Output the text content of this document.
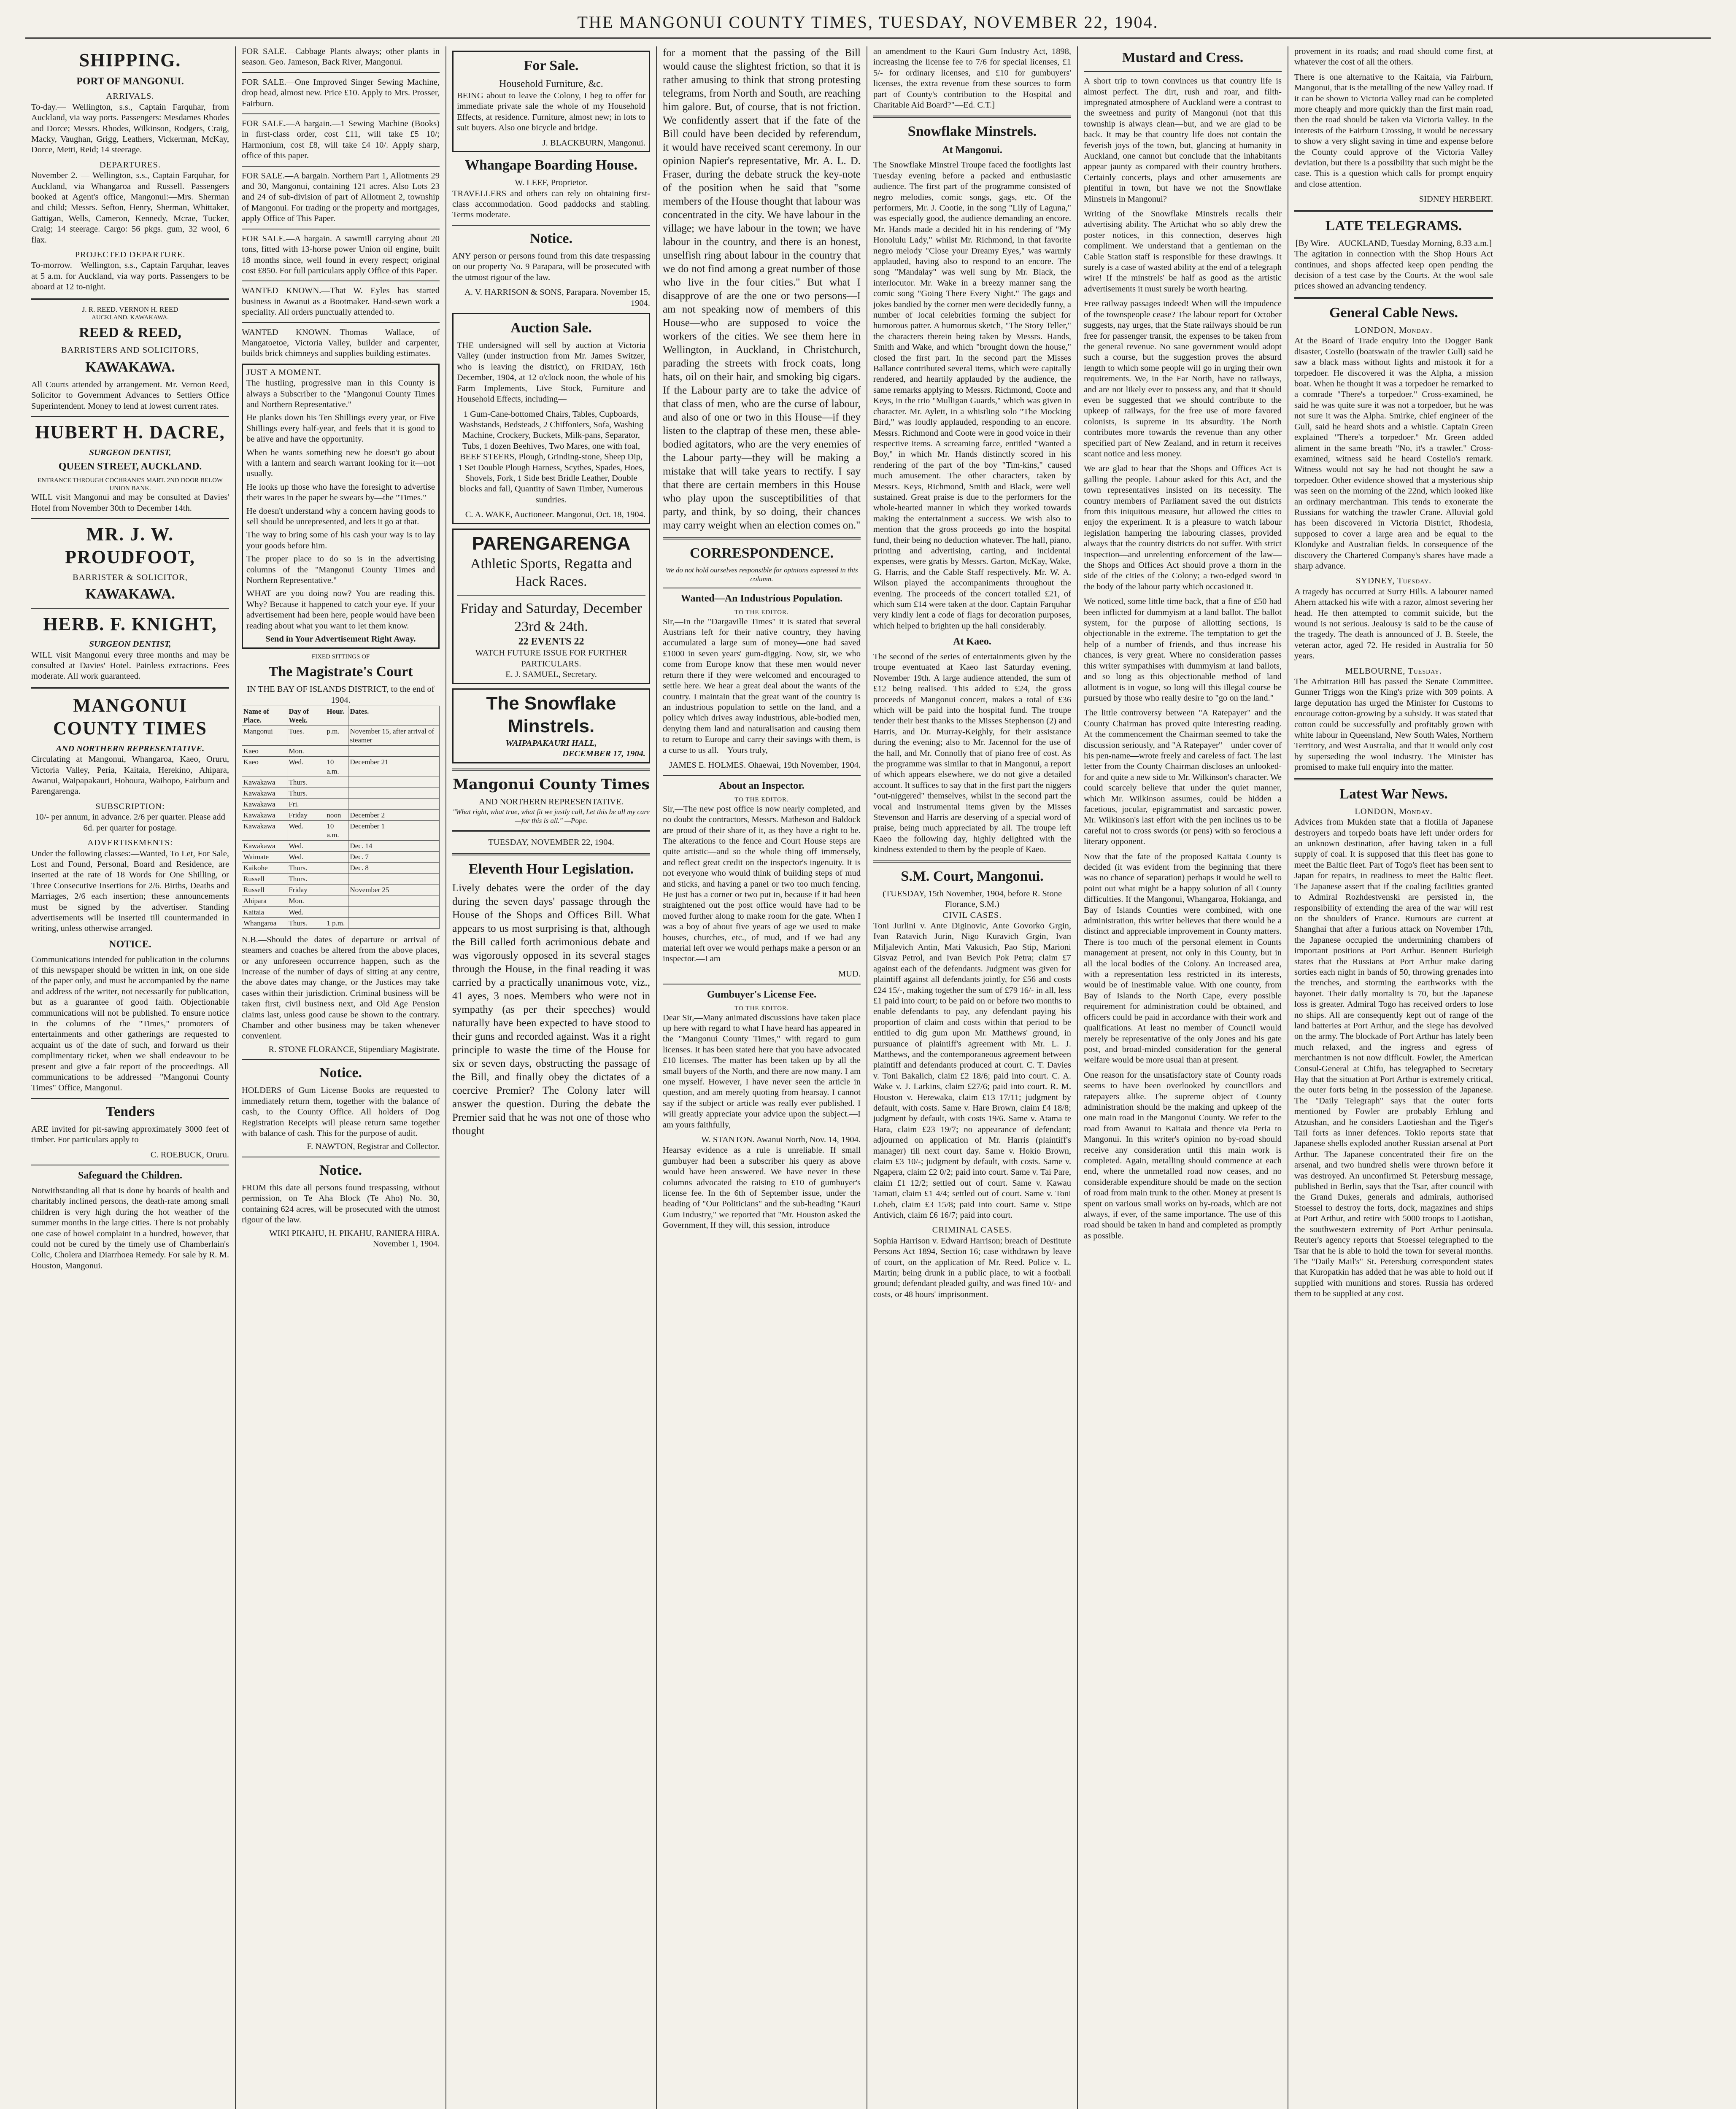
THE MANGONUI COUNTY TIMES, TUESDAY, NOVEMBER 22, 1904.
SHIPPING.
PORT OF MANGONUI.
ARRIVALS.

To-day.— Wellington, s.s., Captain Farquhar, from Auckland, via way ports. Passengers: Mesdames Rhodes and Dorce; Messrs. Rhodes, Wilkinson, Rodgers, Craig, Macky, Vaughan, Grigg, Leathers, Vickerman, McKay, Dorce, Metti, Reid; 14 steerage.

DEPARTURES.

November 2. — Wellington, s.s., Captain Farquhar, for Auckland, via Whangaroa and Russell. Passengers booked at Agent's office, Mangonui:—Mrs. Sherman and child; Messrs. Sefton, Henry, Sherman, Whittaker, Gattigan, Wells, Cameron, Kennedy, Mcrae, Tucker, Craig; 14 steerage. Cargo: 56 pkgs. gum, 32 wool, 6 flax.

PROJECTED DEPARTURE.

To-morrow.—Wellington, s.s., Captain Farquhar, leaves at 5 a.m. for Auckland, via way ports. Passengers to be aboard at 12 to-night.

J. R. REED. VERNON H. REED
AUCKLAND. KAWAKAWA.
REED & REED,
BARRISTERS AND SOLICITORS,
KAWAKAWA.

All Courts attended by arrangement. Mr. Vernon Reed, Solicitor to Government Advances to Settlers Office Superintendent. Money to lend at lowest current rates.

HUBERT H. DACRE,
SURGEON DENTIST,
QUEEN STREET, AUCKLAND.
ENTRANCE THROUGH COCHRANE'S MART. 2ND DOOR BELOW UNION BANK.

WILL visit Mangonui and may be consulted at Davies' Hotel from November 30th to December 14th.

MR. J. W. PROUDFOOT,
BARRISTER & SOLICITOR,
KAWAKAWA.
HERB. F. KNIGHT,
SURGEON DENTIST,

WILL visit Mangonui every three months and may be consulted at Davies' Hotel. Painless extractions. Fees moderate. All work guaranteed.

MANGONUI COUNTY TIMES
AND NORTHERN REPRESENTATIVE.

Circulating at Mangonui, Whangaroa, Kaeo, Oruru, Victoria Valley, Peria, Kaitaia, Herekino, Ahipara, Awanui, Waipapakauri, Hohoura, Waihopo, Fairburn and Parengarenga.

SUBSCRIPTION:

10/- per annum, in advance. 2/6 per quarter. Please add 6d. per quarter for postage.

ADVERTISEMENTS:

Under the following classes:—Wanted, To Let, For Sale, Lost and Found, Personal, Board and Residence, are inserted at the rate of 18 Words for One Shilling, or Three Consecutive Insertions for 2/6. Births, Deaths and Marriages, 2/6 each insertion; these announcements must be signed by the advertiser. Standing advertisements will be inserted till countermanded in writing, unless otherwise arranged.

NOTICE.

Communications intended for publication in the columns of this newspaper should be written in ink, on one side of the paper only, and must be accompanied by the name and address of the writer, not necessarily for publication, but as a guarantee of good faith. Objectionable communications will not be published. To ensure notice in the columns of the "Times," promoters of entertainments and other gatherings are requested to acquaint us of the date of such, and forward us their complimentary ticket, when we shall endeavour to be present and give a fair report of the proceedings. All communications to be addressed—"Mangonui County Times" Office, Mangonui.

Tenders

ARE invited for pit-sawing approximately 3000 feet of timber. For particulars apply to

C. ROEBUCK, Oruru.
Safeguard the Children.

Notwithstanding all that is done by boards of health and charitably inclined persons, the death-rate among small children is very high during the hot weather of the summer months in the large cities. There is not probably one case of bowel complaint in a hundred, however, that could not be cured by the timely use of Chamberlain's Colic, Cholera and Diarrhoea Remedy. For sale by R. M. Houston, Mangonui.

FOR SALE.—Cabbage Plants always; other plants in season. Geo. Jameson, Back River, Mangonui.

FOR SALE.—One Improved Singer Sewing Machine, drop head, almost new. Price £10. Apply to Mrs. Prosser, Fairburn.

FOR SALE.—A bargain.—1 Sewing Machine (Books) in first-class order, cost £11, will take £5 10/; Harmonium, cost £8, will take £4 10/. Apply sharp, office of this paper.

FOR SALE.—A bargain. Northern Part 1, Allotments 29 and 30, Mangonui, containing 121 acres. Also Lots 23 and 24 of sub-division of part of Allotment 2, township of Mangonui. For trading or the property and mortgages, apply Office of This Paper.

FOR SALE.—A bargain. A sawmill carrying about 20 tons, fitted with 13-horse power Union oil engine, built 18 months since, well found in every respect; original cost £850. For full particulars apply Office of this Paper.

WANTED KNOWN.—That W. Eyles has started business in Awanui as a Bootmaker. Hand-sewn work a speciality. All orders punctually attended to.

WANTED KNOWN.—Thomas Wallace, of Mangatoetoe, Victoria Valley, builder and carpenter, builds brick chimneys and supplies building estimates.

JUST A MOMENT.

The hustling, progressive man in this County is always a Subscriber to the "Mangonui County Times and Northern Representative."

He planks down his Ten Shillings every year, or Five Shillings every half-year, and feels that it is good to be alive and have the opportunity.

When he wants something new he doesn't go about with a lantern and search warrant looking for it—not usually.

He looks up those who have the foresight to advertise their wares in the paper he swears by—the "Times."

He doesn't understand why a concern having goods to sell should be unrepresented, and lets it go at that.

The way to bring some of his cash your way is to lay your goods before him.

The proper place to do so is in the advertising columns of the "Mangonui County Times and Northern Representative."

WHAT are you doing now? You are reading this. Why? Because it happened to catch your eye. If your advertisement had been here, people would have been reading about what you want to let them know.

Send in Your Advertisement Right Away.
FIXED SITTINGS OF
The Magistrate's Court
IN THE BAY OF ISLANDS DISTRICT, to the end of 1904.
Name of Place.	Day of Week.	Hour.	Dates.
Mangonui	Tues.	p.m.	November 15, after arrival of steamer
Kaeo	Mon.		
Kaeo	Wed.	10 a.m.	December 21
Kawakawa	Thurs.		
Kawakawa	Thurs.		
Kawakawa	Fri.		
Kawakawa	Friday	noon	December 2
Kawakawa	Wed.	10 a.m.	December 1
Kawakawa	Wed.		Dec. 14
Waimate	Wed.		Dec. 7
Kaikohe	Thurs.		Dec. 8
Russell	Thurs.		
Russell	Friday		November 25
Ahipara	Mon.		
Kaitaia	Wed.		
Whangaroa	Thurs.	1 p.m.	

N.B.—Should the dates of departure or arrival of steamers and coaches be altered from the above places, or any unforeseen occurrence happen, such as the increase of the number of days of sitting at any centre, the above dates may change, or the Justices may take cases within their jurisdiction. Criminal business will be taken first, civil business next, and Old Age Pension claims last, unless good cause be shown to the contrary. Chamber and other business may be taken whenever convenient.

R. STONE FLORANCE, Stipendiary Magistrate.
Notice.

HOLDERS of Gum License Books are requested to immediately return them, together with the balance of cash, to the County Office. All holders of Dog Registration Receipts will please return same together with balance of cash. This for the purpose of audit.

F. NAWTON, Registrar and Collector.
Notice.

FROM this date all persons found trespassing, without permission, on Te Aha Block (Te Aho) No. 30, containing 624 acres, will be prosecuted with the utmost rigour of the law.

WIKI PIKAHU, H. PIKAHU, RANIERA HIRA. November 1, 1904.
For Sale.
Household Furniture, &c.

BEING about to leave the Colony, I beg to offer for immediate private sale the whole of my Household Effects, at residence. Furniture, almost new; in lots to suit buyers. Also one bicycle and bridge.

J. BLACKBURN, Mangonui.
Whangape Boarding House.
W. LEEF, Proprietor.

TRAVELLERS and others can rely on obtaining first-class accommodation. Good paddocks and stabling. Terms moderate.

Notice.

ANY person or persons found from this date trespassing on our property No. 9 Parapara, will be prosecuted with the utmost rigour of the law.

A. V. HARRISON & SONS, Parapara. November 15, 1904.
Auction Sale.

THE undersigned will sell by auction at Victoria Valley (under instruction from Mr. James Switzer, who is leaving the district), on FRIDAY, 16th December, 1904, at 12 o'clock noon, the whole of his Farm Implements, Live Stock, Furniture and Household Effects, including—

1 Gum-Cane-bottomed Chairs, Tables, Cupboards, Washstands, Bedsteads, 2 Chiffoniers, Sofa, Washing Machine, Crockery, Buckets, Milk-pans, Separator, Tubs, 1 dozen Beehives, Two Mares, one with foal, BEEF STEERS, Plough, Grinding-stone, Sheep Dip, 1 Set Double Plough Harness, Scythes, Spades, Hoes, Shovels, Fork, 1 Side best Bridle Leather, Double blocks and fall, Quantity of Sawn Timber, Numerous sundries.

C. A. WAKE, Auctioneer. Mangonui, Oct. 18, 1904.
PARENGARENGA
Athletic Sports, Regatta and Hack Races.
Friday and Saturday, December 23rd & 24th.
22 EVENTS 22
WATCH FUTURE ISSUE FOR FURTHER PARTICULARS.
E. J. SAMUEL, Secretary.
The Snowflake Minstrels.
WAIPAPAKAURI HALL,
DECEMBER 17, 1904.
Mangonui County Times
AND NORTHERN REPRESENTATIVE.

"What right, what true, what fit we justly call, Let this be all my care—for this is all." —Pope.

TUESDAY, NOVEMBER 22, 1904.
Eleventh Hour Legislation.

Lively debates were the order of the day during the seven days' passage through the House of the Shops and Offices Bill. What appears to us most surprising is that, although the Bill called forth acrimonious debate and was vigorously opposed in its several stages through the House, in the final reading it was carried by a practically unanimous vote, viz., 41 ayes, 3 noes. Members who were not in sympathy (as per their speeches) would naturally have been expected to have stood to their guns and recorded against. Was it a right principle to waste the time of the House for six or seven days, obstructing the passage of the Bill, and finally obey the dictates of a coercive Premier? The Colony later will answer the question. During the debate the Premier said that he was not one of those who thought

for a moment that the passing of the Bill would cause the slightest friction, so that it is rather amusing to think that strong protesting telegrams, from North and South, are reaching him galore. But, of course, that is not friction. We confidently assert that if the fate of the Bill could have been decided by referendum, it would have received scant ceremony. In our opinion Napier's representative, Mr. A. L. D. Fraser, during the debate struck the key-note of the position when he said that "some members of the House thought that labour was concentrated in the city. We have labour in the village; we have labour in the town; we have labour in the country, and there is an honest, unselfish ring about labour in the country that we do not find among a great number of those who live in the four cities." But what I disapprove of are the one or two persons—I am not speaking now of members of this House—who are supposed to voice the workers of the cities. We see them here in Wellington, in Auckland, in Christchurch, parading the streets with frock coats, long hats, oil on their hair, and smoking big cigars. If the Labour party are to take the advice of that class of men, who are the curse of labour, and also of one or two in this House—if they listen to the claptrap of these men, these able-bodied agitators, who are the very enemies of the Labour party—they will be making a mistake that will take years to rectify. I say that there are certain members in this House who play upon the susceptibilities of that party, and think, by so doing, their chances may carry weight when an election comes on."

CORRESPONDENCE.
We do not hold ourselves responsible for opinions expressed in this column.
Wanted—An Industrious Population.
TO THE EDITOR.

Sir,—In the "Dargaville Times" it is stated that several Austrians left for their native country, they having accumulated a large sum of money—one had saved £1000 in seven years' gum-digging. Now, sir, we who come from Europe know that these men would never return there if they were welcomed and encouraged to settle here. We hear a great deal about the wants of the country. I maintain that the great want of the country is an industrious population to settle on the land, and a policy which drives away industrious, able-bodied men, denying them land and naturalisation and causing them to return to Europe and carry their savings with them, is a curse to us all.—Yours truly,

JAMES E. HOLMES. Ohaewai, 19th November, 1904.
About an Inspector.
TO THE EDITOR.

Sir,—The new post office is now nearly completed, and no doubt the contractors, Messrs. Matheson and Baldock are proud of their share of it, as they have a right to be. The alterations to the fence and Court House steps are quite artistic—and so the whole thing off immensely, and reflect great credit on the inspector's ingenuity. It is not everyone who would think of building steps of mud and sticks, and having a panel or two too much fencing. He just has a corner or two put in, because if it had been straightened out the post office would have had to be moved further along to make room for the gate. When I was a boy of about five years of age we used to make houses, churches, etc., of mud, and if we had any material left over we would perhaps make a person or an inspector.—I am

MUD.
Gumbuyer's License Fee.
TO THE EDITOR.

Dear Sir,—Many animated discussions have taken place up here with regard to what I have heard has appeared in the "Mangonui County Times," with regard to gum licenses. It has been stated here that you have advocated £10 licenses. The matter has been taken up by all the small buyers of the North, and there are now many. I am one myself. However, I have never seen the article in question, and am merely quoting from hearsay. I cannot say if the subject or article was really ever published. I will greatly appreciate your advice upon the subject.—I am yours faithfully,

W. STANTON. Awanui North, Nov. 14, 1904.

Hearsay evidence as a rule is unreliable. If small gumbuyer had been a subscriber his query as above would have been answered. We have never in these columns advocated the raising to £10 of gumbuyer's license fee. In the 6th of September issue, under the heading of "Our Politicians" and the sub-heading "Kauri Gum Industry," we reported that "Mr. Houston asked the Government, If they will, this session, introduce

an amendment to the Kauri Gum Industry Act, 1898, increasing the license fee to 7/6 for special licenses, £1 5/- for ordinary licenses, and £10 for gumbuyers' licenses, the extra revenue from these sources to form part of County's contribution to the Hospital and Charitable Aid Board?"—Ed. C.T.]

Snowflake Minstrels.
At Mangonui.

The Snowflake Minstrel Troupe faced the footlights last Tuesday evening before a packed and enthusiastic audience. The first part of the programme consisted of negro melodies, comic songs, gags, etc. Of the performers, Mr. J. Cootie, in the song "Lily of Laguna," was especially good, the audience demanding an encore. Mr. Hands made a decided hit in his rendering of "My Honolulu Lady," whilst Mr. Richmond, in that favorite negro melody "Close your Dreamy Eyes," was warmly applauded, having also to respond to an encore. The song "Mandalay" was well sung by Mr. Black, the interlocutor. Mr. Wake in a breezy manner sang the comic song "Going There Every Night." The gags and jokes bandied by the corner men were decidedly funny, a number of local celebrities forming the subject for humorous patter. A humorous sketch, "The Story Teller," the characters therein being taken by Messrs. Hands, Smith and Wake, and which "brought down the house," closed the first part. In the second part the Misses Ballance contributed several items, which were capitally rendered, and heartily applauded by the audience, the same remarks applying to Messrs. Richmond, Coote and Keys, in the trio "Mulligan Guards," which was given in character. Mr. Aylett, in a whistling solo "The Mocking Bird," was loudly applauded, responding to an encore. Messrs. Richmond and Coote were in good voice in their respective items. A screaming farce, entitled "Wanted a Boy," in which Mr. Hands distinctly scored in his rendering of the part of the boy "Tim-kins," caused much amusement. The other characters, taken by Messrs. Keys, Richmond, Smith and Black, were well sustained. Great praise is due to the performers for the whole-hearted manner in which they worked towards making the entertainment a success. We wish also to mention that the gross proceeds go into the hospital fund, their being no deduction whatever. The hall, piano, printing and advertising, carting, and incidental expenses, were gratis by Messrs. Garton, McKay, Wake, G. Harris, and the Cable Staff respectively. Mr. W. A. Wilson played the accompaniments throughout the evening. The proceeds of the concert totalled £21, of which sum £14 were taken at the door. Captain Farquhar very kindly lent a code of flags for decoration purposes, which helped to brighten up the hall considerably.

At Kaeo.

The second of the series of entertainments given by the troupe eventuated at Kaeo last Saturday evening, November 19th. A large audience attended, the sum of £12 being realised. This added to £24, the gross proceeds of Mangonui concert, makes a total of £36 which will be paid into the hospital fund. The troupe tender their best thanks to the Misses Stephenson (2) and Harris, and Dr. Murray-Keighly, for their assistance during the evening; also to Mr. Jacennol for the use of the hall, and Mr. Connolly that of piano free of cost. As the programme was similar to that in Mangonui, a report of which appears elsewhere, we do not give a detailed account. It suffices to say that in the first part the niggers "out-niggered" themselves, whilst in the second part the vocal and instrumental items given by the Misses Stevenson and Harris are deserving of a special word of praise, being much appreciated by all. The troupe left Kaeo the following day, highly delighted with the kindness extended to them by the people of Kaeo.

S.M. Court, Mangonui.
(TUESDAY, 15th November, 1904, before R. Stone Florance, S.M.)
CIVIL CASES.

Toni Jurlini v. Ante Diginovic, Ante Govorko Grgin, Ivan Ratavich Jurin, Nigo Kuravich Grgin, Ivan Miljalevich Antin, Mati Vakusich, Pao Stip, Marioni Gisvaz Petrol, and Ivan Bevich Pok Petra; claim £7 against each of the defendants. Judgment was given for plaintiff against all defendants jointly, for £56 and costs £24 15/-, making together the sum of £79 16/- in all, less £1 paid into court; to be paid on or before two months to enable defendants to pay, any defendant paying his proportion of claim and costs within that period to be entitled to dig gum upon Mr. Matthews' ground, in pursuance of plaintiff's agreement with Mr. L. J. Matthews, and the contemporaneous agreement between plaintiff and defendants produced at court. C. T. Davies v. Toni Bakalich, claim £2 18/6; paid into court. C. A. Wake v. J. Larkins, claim £27/6; paid into court. R. M. Houston v. Herewaka, claim £13 17/11; judgment by default, with costs. Same v. Hare Brown, claim £4 18/8; judgment by default, with costs 19/6. Same v. Atama te Hara, claim £23 19/7; no appearance of defendant; adjourned on application of Mr. Harris (plaintiff's manager) till next court day. Same v. Hokio Brown, claim £3 10/-; judgment by default, with costs. Same v. Ngapera, claim £2 0/2; paid into court. Same v. Tai Pare, claim £1 12/2; settled out of court. Same v. Kawau Tamati, claim £1 4/4; settled out of court. Same v. Toni Loheb, claim £3 15/8; paid into court. Same v. Stipe Antivich, claim £6 16/7; paid into court.

CRIMINAL CASES.

Sophia Harrison v. Edward Harrison; breach of Destitute Persons Act 1894, Section 16; case withdrawn by leave of court, on the application of Mr. Reed. Police v. L. Martin; being drunk in a public place, to wit a football ground; defendant pleaded guilty, and was fined 10/- and costs, or 48 hours' imprisonment.

Mustard and Cress.

A short trip to town convinces us that country life is almost perfect. The dirt, rush and roar, and filth-impregnated atmosphere of Auckland were a contrast to the sweetness and purity of Mangonui (not that this township is always clean—but, and we are glad to be back. It may be that country life does not contain the feverish joys of the town, but, glancing at humanity in Auckland, one cannot but conclude that the inhabitants appear jaunty as compared with their country brothers. Certainly concerts, plays and other amusements are plentiful in town, but have we not the Snowflake Minstrels in Mangonui?

Writing of the Snowflake Minstrels recalls their advertising ability. The Artichat who so ably drew the poster notices, in this connection, deserves high compliment. We understand that a gentleman on the Cable Station staff is responsible for these drawings. It surely is a case of wasted ability at the end of a telegraph wire! If the minstrels' be half as good as the artistic advertisements it must surely be worth hearing.

Free railway passages indeed! When will the impudence of the townspeople cease? The labour report for October suggests, nay urges, that the State railways should be run free for passenger transit, the expenses to be taken from the general revenue. No sane government would adopt such a course, but the suggestion proves the absurd length to which some people will go in urging their own requirements. We, in the Far North, have no railways, and are not likely ever to possess any, and that it should even be suggested that we should contribute to the upkeep of railways, for the free use of more favored colonists, is supreme in its absurdity. The North contributes more towards the revenue than any other specified part of New Zealand, and in return it receives scant notice and less money.

We are glad to hear that the Shops and Offices Act is galling the people. Labour asked for this Act, and the town representatives insisted on its necessity. The country members of Parliament saved the out districts from this iniquitous measure, but allowed the cities to enjoy the experiment. It is a pleasure to watch labour legislation hampering the labouring classes, provided always that the country districts do not suffer. With strict inspection—and unrelenting enforcement of the law—the Shops and Offices Act should prove a thorn in the side of the cities of the Colony; a two-edged sword in the body of the labour party which occasioned it.

We noticed, some little time back, that a fine of £50 had been inflicted for dummyism at a land ballot. The ballot system, for the purpose of allotting sections, is objectionable in the extreme. The temptation to get the help of a number of friends, and thus increase his chances, is very great. Where no consideration passes this writer sympathises with dummyism at land ballots, and so long as this objectionable method of land allotment is in vogue, so long will this illegal course be pursued by those who really desire to "go on the land."

The little controversy between "A Ratepayer" and the County Chairman has proved quite interesting reading. At the commencement the Chairman seemed to take the discussion seriously, and "A Ratepayer"—under cover of his pen-name—wrote freely and careless of fact. The last letter from the County Chairman discloses an unlooked-for and quite a new side to Mr. Wilkinson's character. We could scarcely believe that under the quiet manner, which Mr. Wilkinson assumes, could be hidden a facetious, jocular, epigrammatist and sarcastic power. Mr. Wilkinson's last effort with the pen inclines us to be careful not to cross swords (or pens) with so ferocious a literary opponent.

Now that the fate of the proposed Kaitaia County is decided (it was evident from the beginning that there was no chance of separation) perhaps it would be well to point out what might be a happy solution of all County difficulties. If the Mangonui, Whangaroa, Hokianga, and Bay of Islands Counties were combined, with one administration, this writer believes that there would be a distinct and appreciable improvement in County matters. There is too much of the personal element in Counts management at present, not only in this County, but in all the local bodies of the Colony. An increased area, with a representation less restricted in its interests, would be of inestimable value. With one county, from Bay of Islands to the North Cape, every possible requirement for administration could be obtained, and officers could be paid in accordance with their work and qualifications. At least no member of Council would merely be representative of the only Jones and his gate post, and broad-minded consideration for the general welfare would be more usual than at present.

One reason for the unsatisfactory state of County roads seems to have been overlooked by councillors and ratepayers alike. The supreme object of County administration should be the making and upkeep of the one main road in the Mangonui County. We refer to the road from Awanui to Kaitaia and thence via Peria to Mangonui. In this writer's opinion no by-road should receive any consideration until this main work is completed. Again, metalling should commence at each end, where the unmetalled road now ceases, and no considerable expenditure should be made on the section of road from main trunk to the other. Money at present is spent on various small works on by-roads, which are not always, if ever, of the same importance. The use of this road should be taken in hand and completed as promptly as possible.

provement in its roads; and road should come first, at whatever the cost of all the others.

There is one alternative to the Kaitaia, via Fairburn, Mangonui, that is the metalling of the new Valley road. If it can be shown to Victoria Valley road can be completed more cheaply and more quickly than the first main road, then the road should be taken via Victoria Valley. In the interests of the Fairburn Crossing, it would be necessary to show a very slight saving in time and expense before the County could approve of the Victoria Valley deviation, but there is a possibility that such might be the case. This is a question which calls for prompt enquiry and close attention.

SIDNEY HERBERT.
LATE TELEGRAMS.
[By Wire.—AUCKLAND, Tuesday Morning, 8.33 a.m.]

The agitation in connection with the Shop Hours Act continues, and shops affected keep open pending the decision of a test case by the Courts. At the wool sale prices showed an advancing tendency.

General Cable News.
LONDON, Monday.

At the Board of Trade enquiry into the Dogger Bank disaster, Costello (boatswain of the trawler Gull) said he saw a black mass without lights and mistook it for a torpedoer. He discovered it was the Alpha, a mission boat. When he thought it was a torpedoer he remarked to a comrade "There's a torpedoer." Cross-examined, he said he was quite sure it was not a torpedoer, but he was not sure it was the Alpha. Smirke, chief engineer of the Gull, said he heard shots and a whistle. Captain Green explained "There's a torpedoer." Mr. Green added aliment in the same breath "No, it's a trawler." Cross-examined, witness said he heard Costello's remark. Witness would not say he had not thought he saw a torpedoer. Other evidence showed that a mysterious ship was seen on the morning of the 22nd, which looked like an ordinary merchantman. This tends to exonerate the Russians for watching the trawler Crane. Alluvial gold has been discovered in Victoria District, Rhodesia, supposed to cover a large area and be equal to the Klondyke and Australian fields. In consequence of the discovery the Chartered Company's shares have made a sharp advance.

SYDNEY, Tuesday.

A tragedy has occurred at Surry Hills. A labourer named Ahern attacked his wife with a razor, almost severing her head. He then attempted to commit suicide, but the wound is not serious. Jealousy is said to be the cause of the tragedy. The death is announced of J. B. Steele, the veteran actor, aged 72. He resided in Australia for 50 years.

MELBOURNE, Tuesday.

The Arbitration Bill has passed the Senate Committee. Gunner Triggs won the King's prize with 309 points. A large deputation has urged the Minister for Customs to encourage cotton-growing by a subsidy. It was stated that cotton could be successfully and profitably grown with white labour in Queensland, New South Wales, Northern Territory, and West Australia, and that it would only cost by superseding the wool industry. The Minister has promised to make full enquiry into the matter.

Latest War News.
LONDON, Monday.

Advices from Mukden state that a flotilla of Japanese destroyers and torpedo boats have left under orders for an unknown destination, after having taken in a full supply of coal. It is supposed that this fleet has gone to meet the Baltic fleet. Part of Togo's fleet has been sent to Japan for repairs, in readiness to meet the Baltic fleet. The Japanese assert that if the coaling facilities granted to Admiral Rozhdestvenski are persisted in, the responsibility of extending the area of the war will rest on the shoulders of France. Rumours are current at Shanghai that after a furious attack on November 17th, the Japanese occupied the undermining chambers of important positions at Port Arthur. Bennett Burleigh states that the Russians at Port Arthur make daring sorties each night in bands of 50, throwing grenades into the trenches, and storming the earthworks with the bayonet. Their daily mortality is 70, but the Japanese loss is greater. Admiral Togo has received orders to lose no ships. All are consequently kept out of range of the land batteries at Port Arthur, and the siege has devolved on the army. The blockade of Port Arthur has lately been much relaxed, and the ingress and egress of merchantmen is not now difficult. Fowler, the American Consul-General at Chifu, has telegraphed to Secretary Hay that the situation at Port Arthur is extremely critical, the outer forts being in the possession of the Japanese. The "Daily Telegraph" says that the outer forts mentioned by Fowler are probably Erhlung and Atzushan, and he considers Laotieshan and the Tiger's Tail forts as inner defences. Tokio reports state that Japanese shells exploded another Russian arsenal at Port Arthur. The Japanese concentrated their fire on the arsenal, and two hundred shells were thrown before it was destroyed. An unconfirmed St. Petersburg message, published in Berlin, says that the Tsar, after council with the Grand Dukes, generals and admirals, authorised Stoessel to destroy the forts, dock, magazines and ships at Port Arthur, and retire with 5000 troops to Laotishan, the southwestern extremity of Port Arthur peninsula. Reuter's agency reports that Stoessel telegraphed to the Tsar that he is able to hold the town for several months. The "Daily Mail's" St. Petersburg correspondent states that Kuropatkin has added that he was able to hold out if supplied with munitions and stores. Russia has ordered them to be supplied at any cost.
